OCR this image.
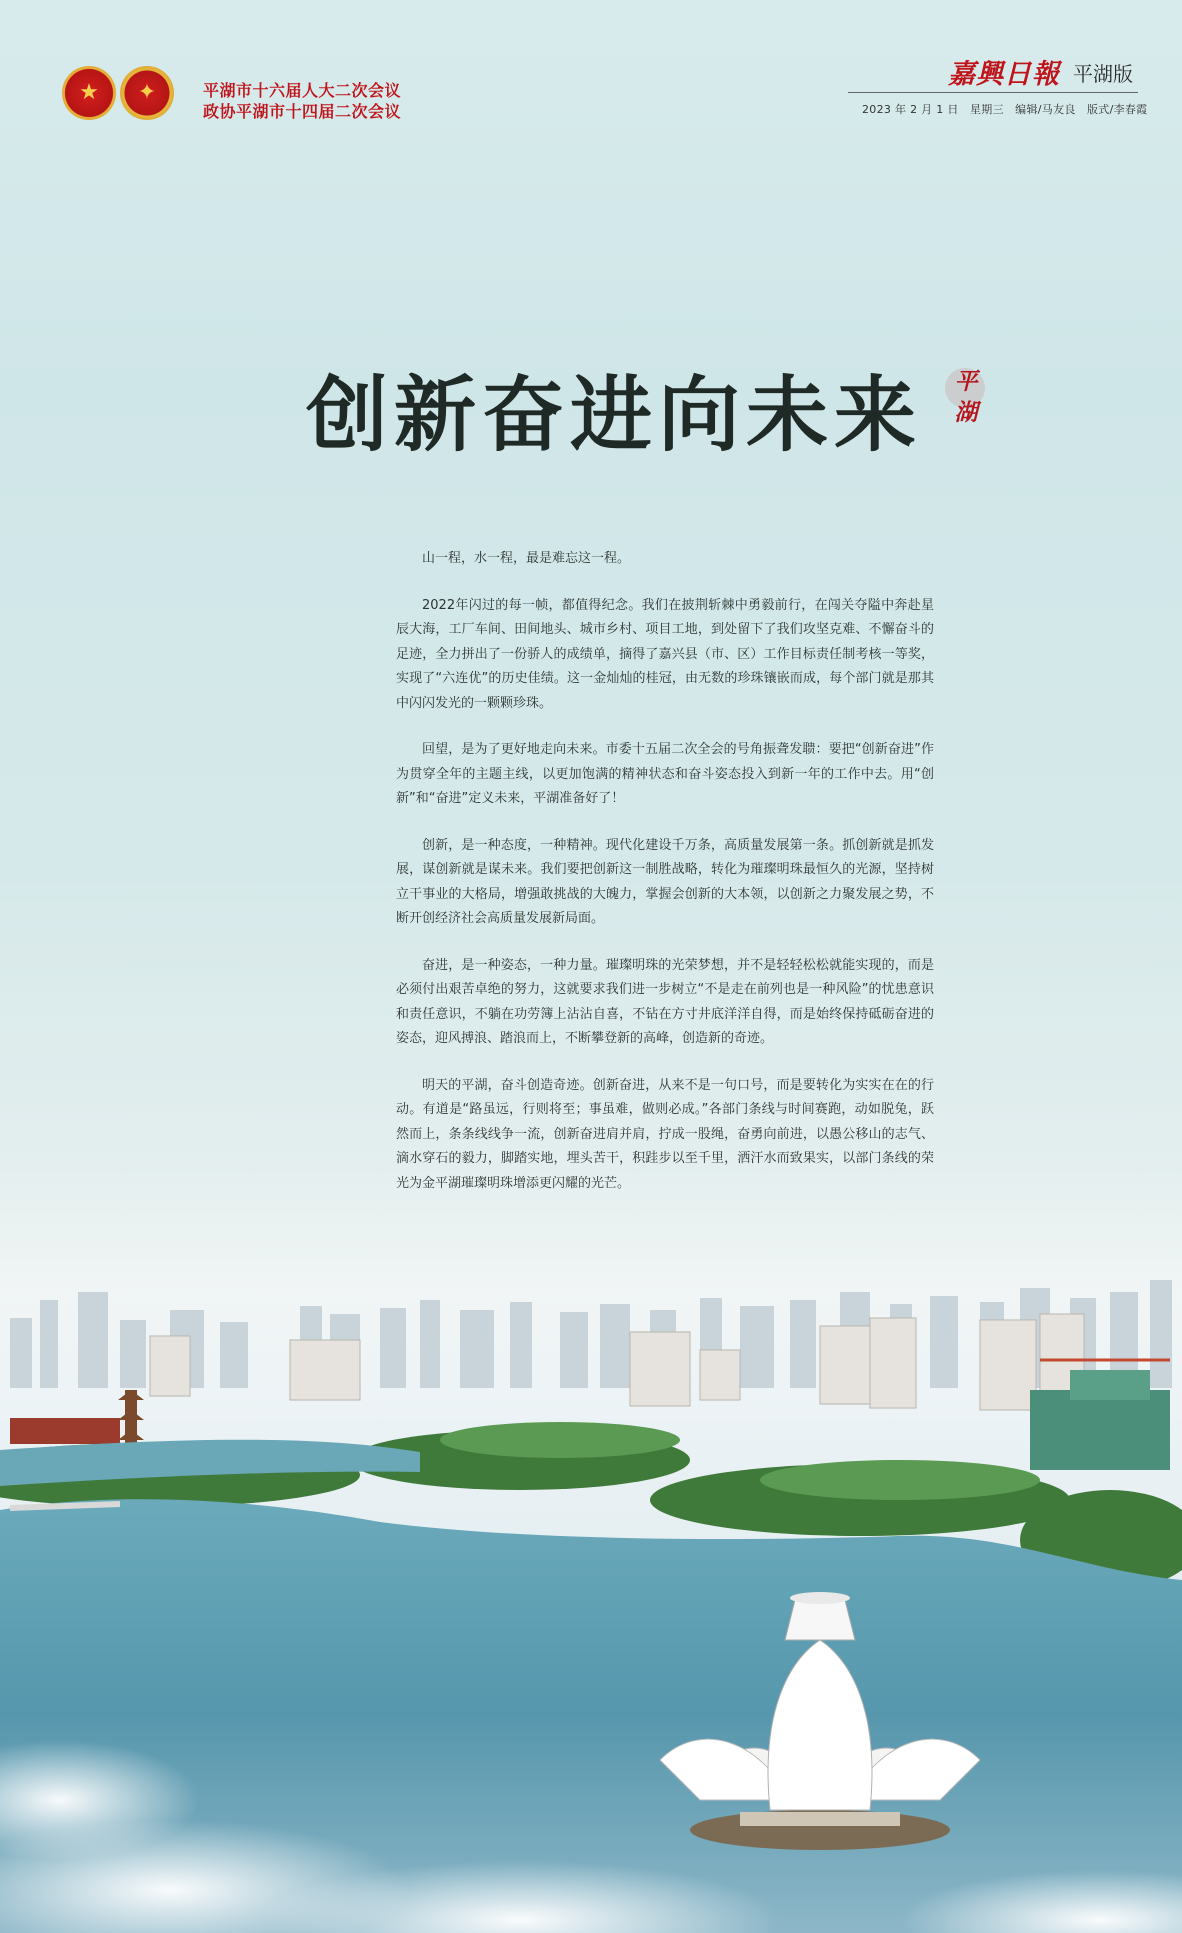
★ ✦	平湖市十六届人大二次会议
政协平湖市十四届二次会议
嘉興日報 平湖版
2023 年 2 月 1 日　星期三　编辑/马友良　版式/李春霞
创新奋进向未来	平
湖

山一程，水一程，最是难忘这一程。

2022年闪过的每一帧，都值得纪念。我们在披荆斩棘中勇毅前行，在闯关夺隘中奔赴星辰大海，工厂车间、田间地头、城市乡村、项目工地，到处留下了我们攻坚克难、不懈奋斗的足迹，全力拼出了一份骄人的成绩单，摘得了嘉兴县（市、区）工作目标责任制考核一等奖，实现了“六连优”的历史佳绩。这一金灿灿的桂冠，由无数的珍珠镶嵌而成，每个部门就是那其中闪闪发光的一颗颗珍珠。

回望，是为了更好地走向未来。市委十五届二次全会的号角振聋发聩：要把“创新奋进”作为贯穿全年的主题主线，以更加饱满的精神状态和奋斗姿态投入到新一年的工作中去。用“创新”和“奋进”定义未来，平湖准备好了！

创新，是一种态度，一种精神。现代化建设千万条，高质量发展第一条。抓创新就是抓发展，谋创新就是谋未来。我们要把创新这一制胜战略，转化为璀璨明珠最恒久的光源，坚持树立干事业的大格局，增强敢挑战的大魄力，掌握会创新的大本领，以创新之力聚发展之势，不断开创经济社会高质量发展新局面。

奋进，是一种姿态，一种力量。璀璨明珠的光荣梦想，并不是轻轻松松就能实现的，而是必须付出艰苦卓绝的努力，这就要求我们进一步树立“不是走在前列也是一种风险”的忧患意识和责任意识，不躺在功劳簿上沾沾自喜，不钻在方寸井底洋洋自得，而是始终保持砥砺奋进的姿态，迎风搏浪、踏浪而上，不断攀登新的高峰，创造新的奇迹。

明天的平湖，奋斗创造奇迹。创新奋进，从来不是一句口号，而是要转化为实实在在的行动。有道是“路虽远，行则将至；事虽难，做则必成。”各部门条线与时间赛跑，动如脱兔，跃然而上，条条线线争一流，创新奋进肩并肩，拧成一股绳，奋勇向前进，以愚公移山的志气、滴水穿石的毅力，脚踏实地，埋头苦干，积跬步以至千里，洒汗水而致果实，以部门条线的荣光为金平湖璀璨明珠增添更闪耀的光芒。
